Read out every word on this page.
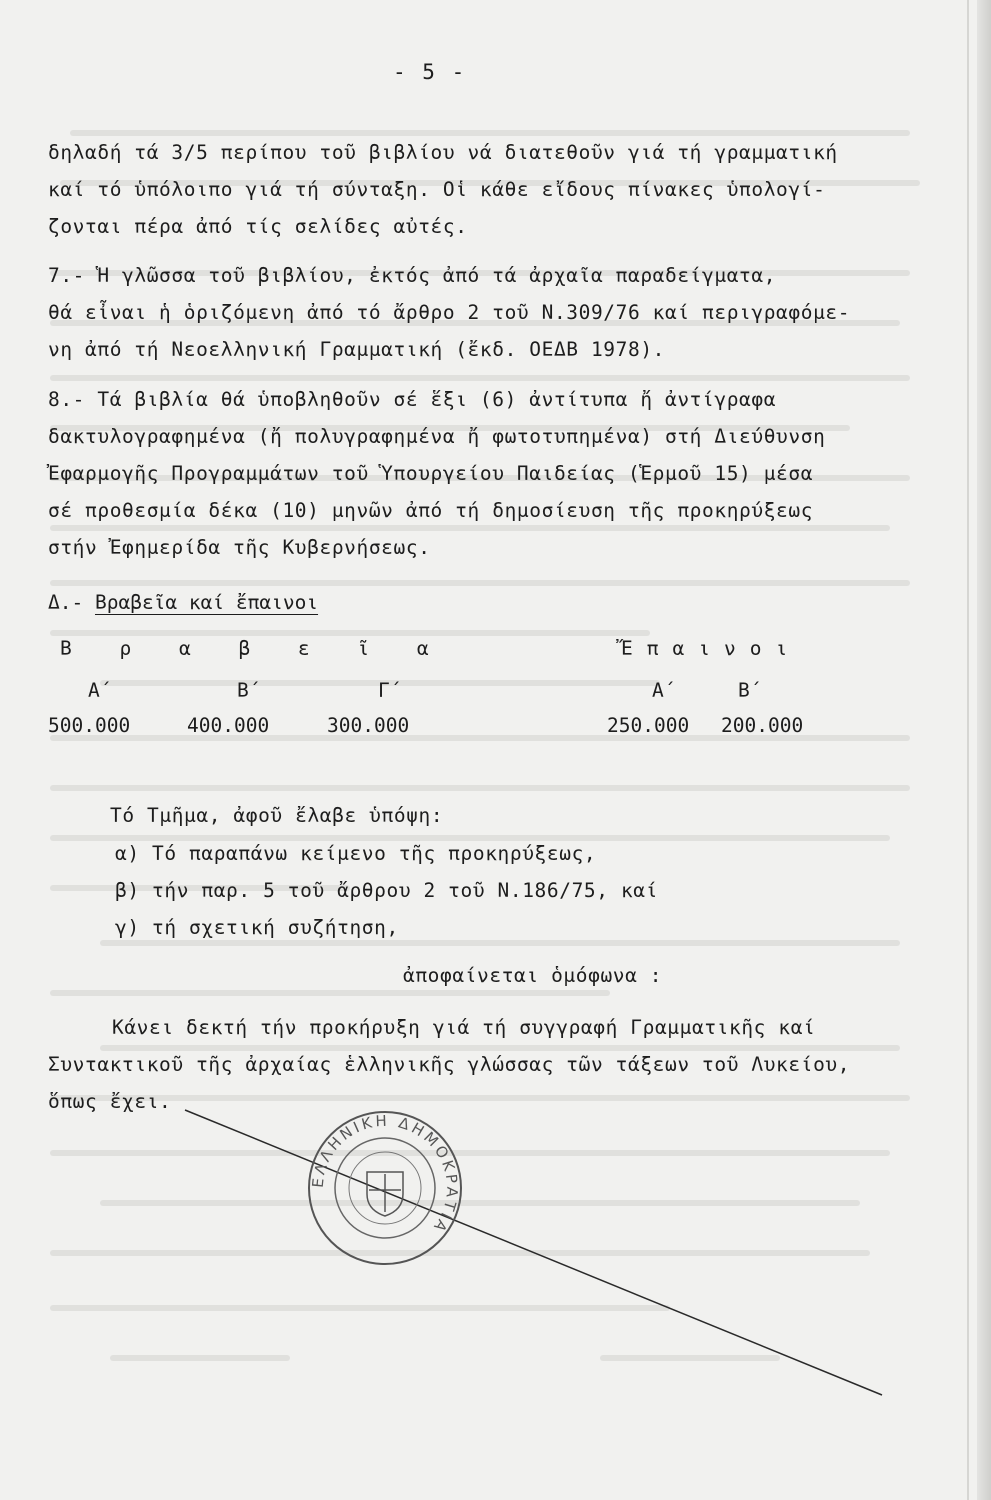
- 5 -
δηλαδή τά 3/5 περίπου τοῦ βιβλίου νά διατεθοῦν γιά τή γραμματική
καί τό ὑπόλοιπο γιά τή σύνταξη. Οἱ κάθε εἴδους πίνακες ὑπολογί-
ζονται πέρα ἀπό τίς σελίδες αὐτές.
7.- Ἡ γλῶσσα τοῦ βιβλίου, ἐκτός ἀπό τά ἀρχαῖα παραδείγματα,
θά εἶναι ἡ ὁριζόμενη ἀπό τό ἄρθρο 2 τοῦ Ν.309/76 καί περιγραφόμε-
νη ἀπό τή Νεοελληνική Γραμματική (ἔκδ. ΟΕΔΒ 1978).
8.- Τά βιβλία θά ὑποβληθοῦν σέ ἕξι (6) ἀντίτυπα ἤ ἀντίγραφα
δακτυλογραφημένα (ἤ πολυγραφημένα ἤ φωτοτυπημένα) στή Διεύθυνση
Ἐφαρμογῆς Προγραμμάτων τοῦ Ὑπουργείου Παιδείας (Ἑρμοῦ 15) μέσα
σέ προθεσμία δέκα (10) μηνῶν ἀπό τή δημοσίευση τῆς προκηρύξεως
στήν Ἐφημερίδα τῆς Κυβερνήσεως.
Δ.- Βραβεῖα καί ἔπαινοι
Β ρ α β ε ῖ α	Ἔπαινοι
Α΄	Β΄	Γ΄	Α΄	Β΄
500.000	400.000	300.000	250.000 200.000
Τό Τμῆμα, ἀφοῦ ἔλαβε ὑπόψη:
α) Τό παραπάνω κείμενο τῆς προκηρύξεως,
β) τήν παρ. 5 τοῦ ἄρθρου 2 τοῦ Ν.186/75, καί
γ) τή σχετική συζήτηση,
ἀποφαίνεται ὁμόφωνα :
Κάνει δεκτή τήν προκήρυξη γιά τή συγγραφή Γραμματικῆς καί
Συντακτικοῦ τῆς ἀρχαίας ἑλληνικῆς γλώσσας τῶν τάξεων τοῦ Λυκείου,
ὅπως ἔχει.
ΕΛΛΗΝΙΚΗ ΔΗΜΟΚΡΑΤΙΑ
